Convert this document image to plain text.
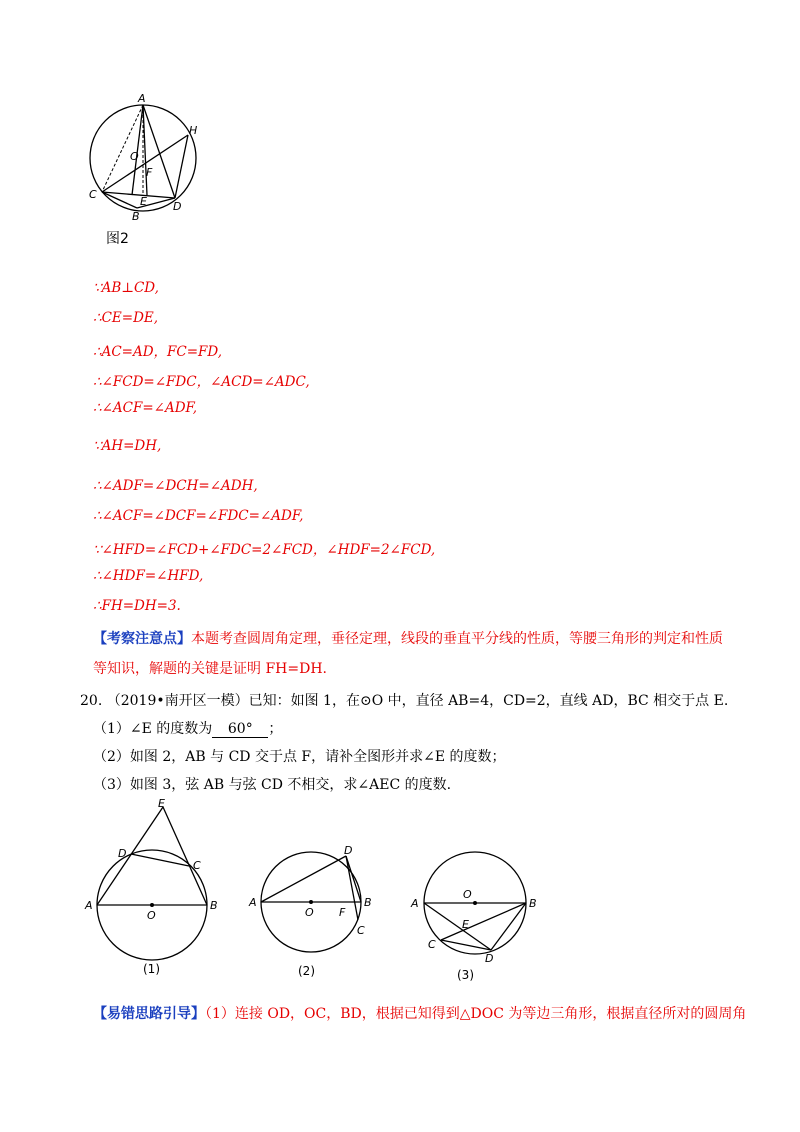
A
H
O
F
C
E
B
D
图2
∵AB⊥CD,
∴CE=DE,
∴AC=AD，FC=FD,
∴∠FCD=∠FDC，∠ACD=∠ADC,
∴∠ACF=∠ADF,
∵AH=DH,
∴∠ADF=∠DCH=∠ADH,
∴∠ACF=∠DCF=∠FDC=∠ADF,
∵∠HFD=∠FCD+∠FDC=2∠FCD，∠HDF=2∠FCD,
∴∠HDF=∠HFD,
∴FH=DH=3.
【考察注意点】本题考查圆周角定理，垂径定理，线段的垂直平分线的性质，等腰三角形的判定和性质
等知识，解题的关键是证明 FH=DH.
20. （2019•南开区一模）已知：如图 1，在⊙O 中，直径 AB=4，CD=2，直线 AD，BC 相交于点 E.
（1）∠E 的度数为 60° ；
（2）如图 2，AB 与 CD 交于点 F，请补全图形并求∠E 的度数；
（3）如图 3，弦 AB 与弦 CD 不相交，求∠AEC 的度数.
E
D
C
A
O
B
(1)
D
A
O F
B
C
(2)
O
A	B
E
C
D
(3)
【易错思路引导】（1）连接 OD，OC，BD，根据已知得到△DOC 为等边三角形，根据直径所对的圆周角
